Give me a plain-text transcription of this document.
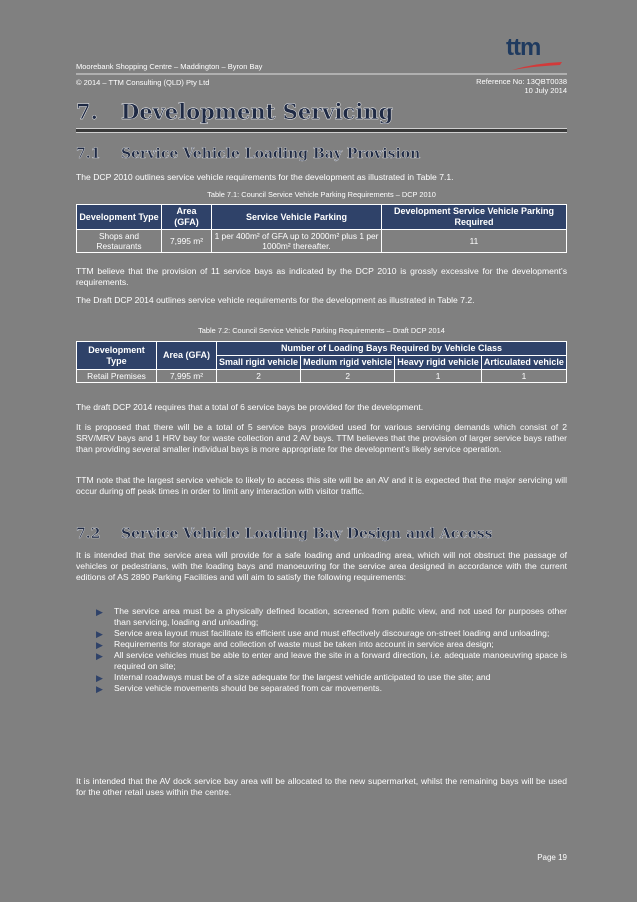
Moorebank Shopping Centre – Maddington – Byron Bay
© 2014 – TTM Consulting (QLD) Pty Ltd	Reference No: 13QBT0038
10 July 2014
ttm
7. Development Servicing
7.1 Service Vehicle Loading Bay Provision

The DCP 2010 outlines service vehicle requirements for the development as illustrated in Table 7.1.

Table 7.1: Council Service Vehicle Parking Requirements – DCP 2010
Development Type	Area (GFA)	Service Vehicle Parking	Development Service Vehicle Parking Required
Shops and Restaurants	7,995 m²	1 per 400m² of GFA up to 2000m² plus 1 per 1000m² thereafter.	11

TTM believe that the provision of 11 service bays as indicated by the DCP 2010 is grossly excessive for the development's requirements.

The Draft DCP 2014 outlines service vehicle requirements for the development as illustrated in Table 7.2.

Table 7.2: Council Service Vehicle Parking Requirements – Draft DCP 2014
Development Type	Area (GFA)	Number of Loading Bays Required by Vehicle Class			
		Small rigid vehicle	Medium rigid vehicle	Heavy rigid vehicle	Articulated vehicle
Retail Premises	7,995 m²	2	2	1	1

The draft DCP 2014 requires that a total of 6 service bays be provided for the development.

It is proposed that there will be a total of 5 service bays provided used for various servicing demands which consist of 2 SRV/MRV bays and 1 HRV bay for waste collection and 2 AV bays. TTM believes that the provision of larger service bays rather than providing several smaller individual bays is more appropriate for the development's likely service operation.

TTM note that the largest service vehicle to likely to access this site will be an AV and it is expected that the major servicing will occur during off peak times in order to limit any interaction with visitor traffic.

7.2 Service Vehicle Loading Bay Design and Access

It is intended that the service area will provide for a safe loading and unloading area, which will not obstruct the passage of vehicles or pedestrians, with the loading bays and manoeuvring for the service area designed in accordance with the current editions of AS 2890 Parking Facilities and will aim to satisfy the following requirements:

▶ The service area must be a physically defined location, screened from public view, and not used for purposes other than servicing, loading and unloading;
▶ Service area layout must facilitate its efficient use and must effectively discourage on-street loading and unloading;
▶ Requirements for storage and collection of waste must be taken into account in service area design;
▶ All service vehicles must be able to enter and leave the site in a forward direction, i.e. adequate manoeuvring space is required on site;
▶ Internal roadways must be of a size adequate for the largest vehicle anticipated to use the site; and
▶ Service vehicle movements should be separated from car movements.

It is intended that the AV dock service bay area will be allocated to the new supermarket, whilst the remaining bays will be used for the other retail uses within the centre.

Page 19
